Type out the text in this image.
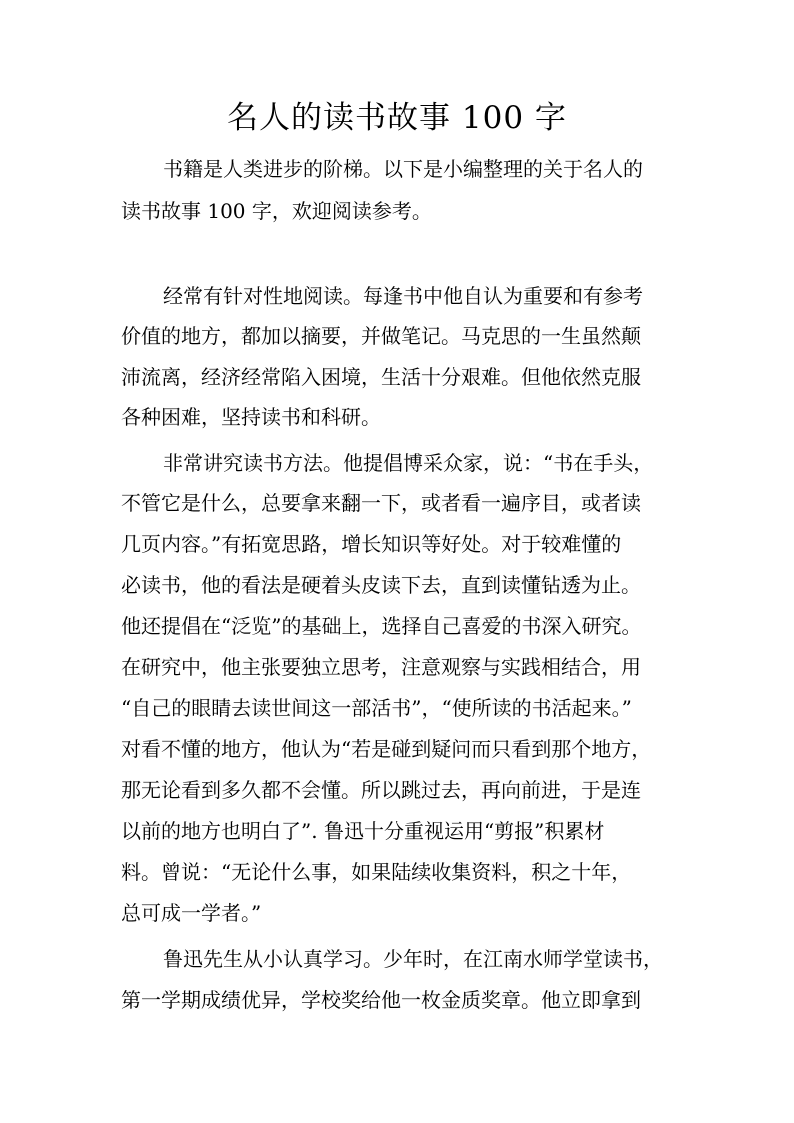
名人的读书故事 100 字

书籍是人类进步的阶梯。以下是小编整理的关于名人的

读书故事 100 字，欢迎阅读参考。

经常有针对性地阅读。每逢书中他自认为重要和有参考

价值的地方，都加以摘要，并做笔记。马克思的一生虽然颠

沛流离，经济经常陷入困境，生活十分艰难。但他依然克服

各种困难，坚持读书和科研。

非常讲究读书方法。他提倡博采众家，说：“书在手头，

不管它是什么，总要拿来翻一下，或者看一遍序目，或者读

几页内容。”有拓宽思路，增长知识等好处。对于较难懂的

必读书，他的看法是硬着头皮读下去，直到读懂钻透为止。

他还提倡在“泛览”的基础上，选择自己喜爱的书深入研究。

在研究中，他主张要独立思考，注意观察与实践相结合，用

“自己的眼睛去读世间这一部活书”，“使所读的书活起来。”

对看不懂的地方，他认为“若是碰到疑问而只看到那个地方，

那无论看到多久都不会懂。所以跳过去，再向前进，于是连

以前的地方也明白了”. 鲁迅十分重视运用“剪报”积累材

料。曾说：“无论什么事，如果陆续收集资料，积之十年，

总可成一学者。”

鲁迅先生从小认真学习。少年时，在江南水师学堂读书，

第一学期成绩优异，学校奖给他一枚金质奖章。他立即拿到
